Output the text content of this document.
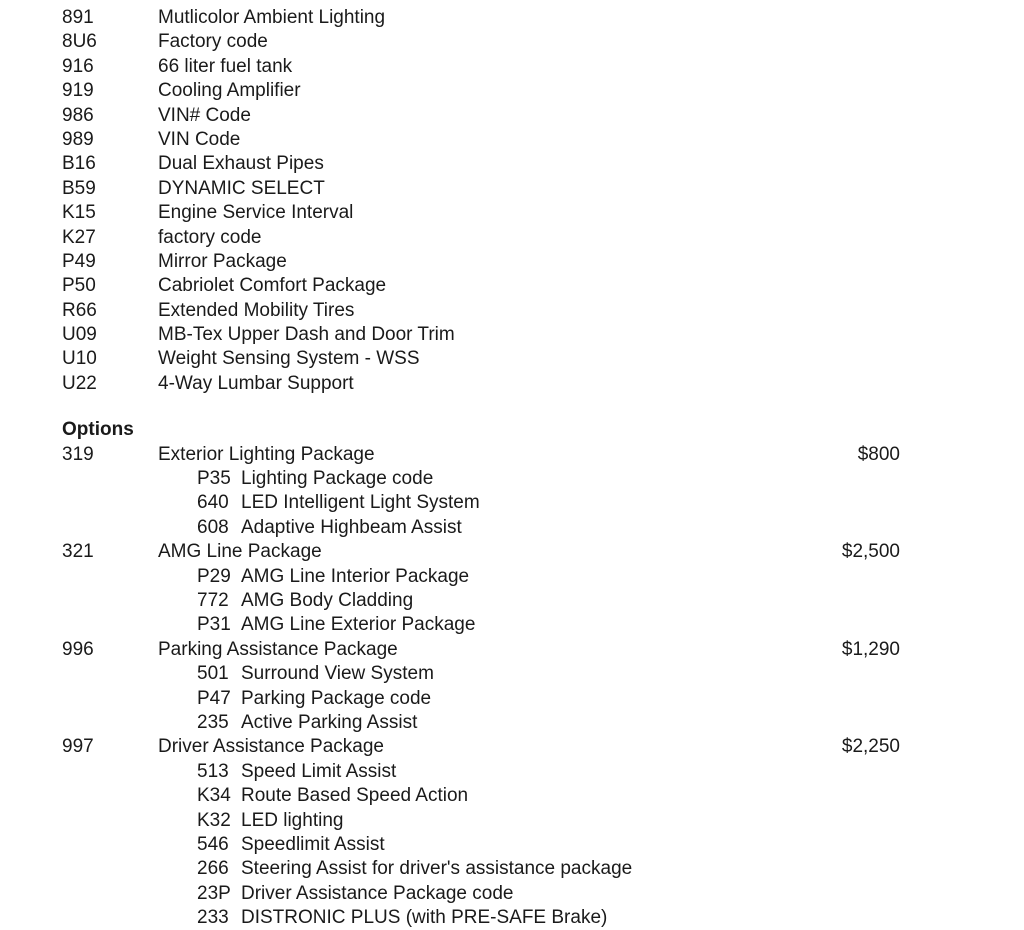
891	Mutlicolor Ambient Lighting
8U6	Factory code
916	66 liter fuel tank
919	Cooling Amplifier
986	VIN# Code
989	VIN Code
B16	Dual Exhaust Pipes
B59	DYNAMIC SELECT
K15	Engine Service Interval
K27	factory code
P49	Mirror Package
P50	Cabriolet Comfort Package
R66	Extended Mobility Tires
U09	MB-Tex Upper Dash and Door Trim
U10	Weight Sensing System - WSS
U22	4-Way Lumbar Support
Options
319	Exterior Lighting Package	$800
P35 Lighting Package code
640 LED Intelligent Light System
608 Adaptive Highbeam Assist
321	AMG Line Package	$2,500
P29 AMG Line Interior Package
772 AMG Body Cladding
P31 AMG Line Exterior Package
996	Parking Assistance Package	$1,290
501 Surround View System
P47 Parking Package code
235 Active Parking Assist
997	Driver Assistance Package	$2,250
513 Speed Limit Assist
K34 Route Based Speed Action
K32 LED lighting
546 Speedlimit Assist
266 Steering Assist for driver's assistance package
23P Driver Assistance Package code
233 DISTRONIC PLUS (with PRE-SAFE Brake)
